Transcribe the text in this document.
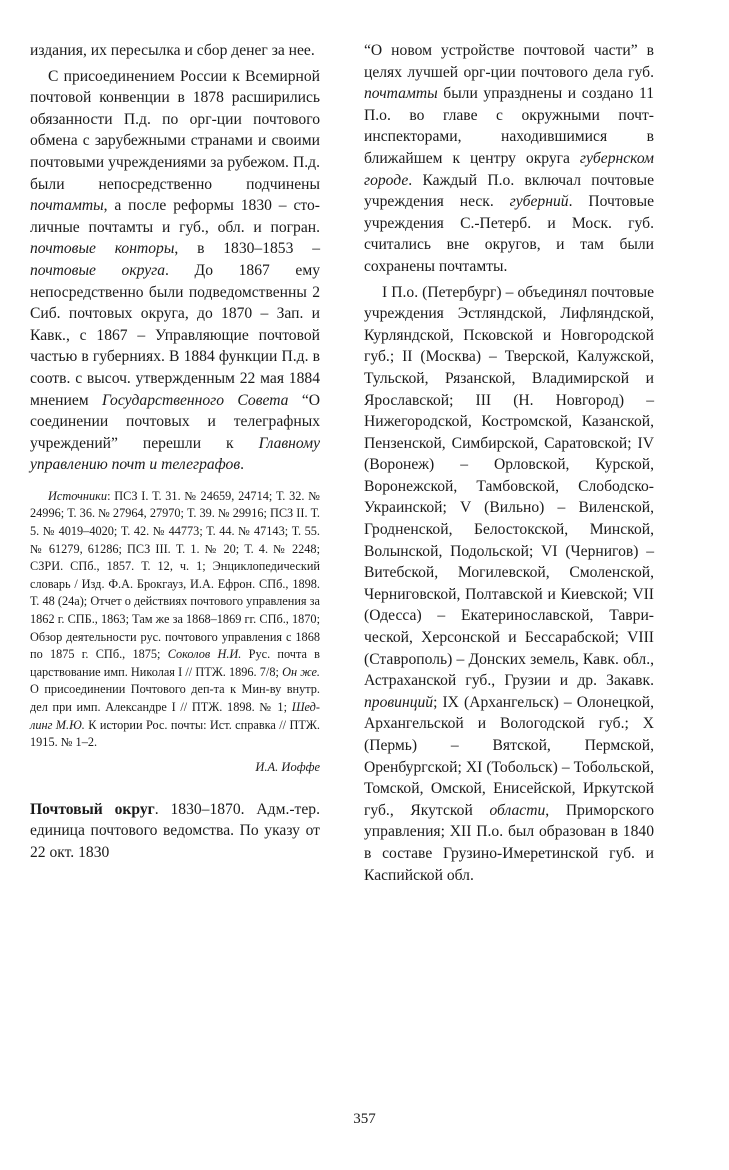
издания, их пересылка и сбор денег за нее.

С присоединением России к Всемирной почтовой конвенции в 1878 расширились обязанности П.д. по орг-ции почтового обмена с зарубежными странами и своими почтовыми учреждениями за рубежом. П.д. были непосредственно подчинены почтамты, а после реформы 1830 – столичные почтамты и губ., обл. и погран. почтовые конторы, в 1830–1853 – почтовые округа. До 1867 ему непосредственно были подведомственны 2 Сиб. почтовых округа, до 1870 – Зап. и Кавк., с 1867 – Управляющие почтовой частью в губерниях. В 1884 функции П.д. в соотв. с высоч. утвержденным 22 мая 1884 мнением Государственного Совета “О соединении почтовых и телеграфных учреждений” перешли к Главному управлению почт и телеграфов.

Источники: ПСЗ I. Т. 31. № 24659, 24714; Т. 32. № 24996; Т. 36. № 27964, 27970; Т. 39. № 29916; ПСЗ II. Т. 5. № 4019–4020; Т. 42. № 44773; Т. 44. № 47143; Т. 55. № 61279, 61286; ПСЗ III. Т. 1. № 20; Т. 4. № 2248; СЗРИ. СПб., 1857. Т. 12, ч. 1; Энциклопедический словарь / Изд. Ф.А. Брокгауз, И.А. Ефрон. СПб., 1898. Т. 48 (24а); Отчет о действиях почтового управления за 1862 г. СПБ., 1863; Там же за 1868–1869 гг. СПб., 1870; Обзор деятельности рус. почтового управления с 1868 по 1875 г. СПб., 1875; Соколов Н.И. Рус. почта в царствование имп. Николая I // ПТЖ. 1896. 7/8; Он же. О присоединении Почтового деп-та к Мин-ву внутр. дел при имп. Александре I // ПТЖ. 1898. № 1; Шедлинг М.Ю. К истории Рос. почты: Ист. справка // ПТЖ. 1915. № 1–2.
И.А. Иоффе

Почтовый округ. 1830–1870. Адм.-тер. единица почтового ведомства. По указу от 22 окт. 1830

“О новом устройстве почтовой части” в целях лучшей орг-ции почтового дела губ. почтамты были упразднены и создано 11 П.о. во главе с окружными почт-инспекторами, находившимися в ближайшем к центру округа губернском городе. Каждый П.о. включал почтовые учреждения неск. губерний. Почтовые учреждения С.-Петерб. и Моск. губ. считались вне округов, и там были сохранены почтамты.

I П.о. (Петербург) – объединял почтовые учреждения Эстляндской, Лифляндской, Курляндской, Псковской и Новгородской губ.; II (Москва) – Тверской, Калужской, Тульской, Рязанской, Владимирской и Ярославской; III (Н. Новгород) – Нижегородской, Костромской, Казанской, Пензенской, Симбирской, Саратовской; IV (Воронеж) – Орловской, Курской, Воронежской, Тамбовской, Слободско-Украинской; V (Вильно) – Виленской, Гродненской, Белостокской, Минской, Волынской, Подольской; VI (Чернигов) – Витебской, Могилевской, Смоленской, Черниговской, Полтавской и Киевской; VII (Одесса) – Екатеринославской, Таврической, Херсонской и Бессарабской; VIII (Ставрополь) – Донских земель, Кавк. обл., Астраханской губ., Грузии и др. Закавк. провинций; IX (Архангельск) – Олонецкой, Архангельской и Вологодской губ.; X (Пермь) – Вятской, Пермской, Оренбургской; XI (Тобольск) – Тобольской, Томской, Омской, Енисейской, Иркутской губ., Якутской области, Приморского управления; XII П.о. был образован в 1840 в составе Грузино-Имеретинской губ. и Каспийской обл.

357
